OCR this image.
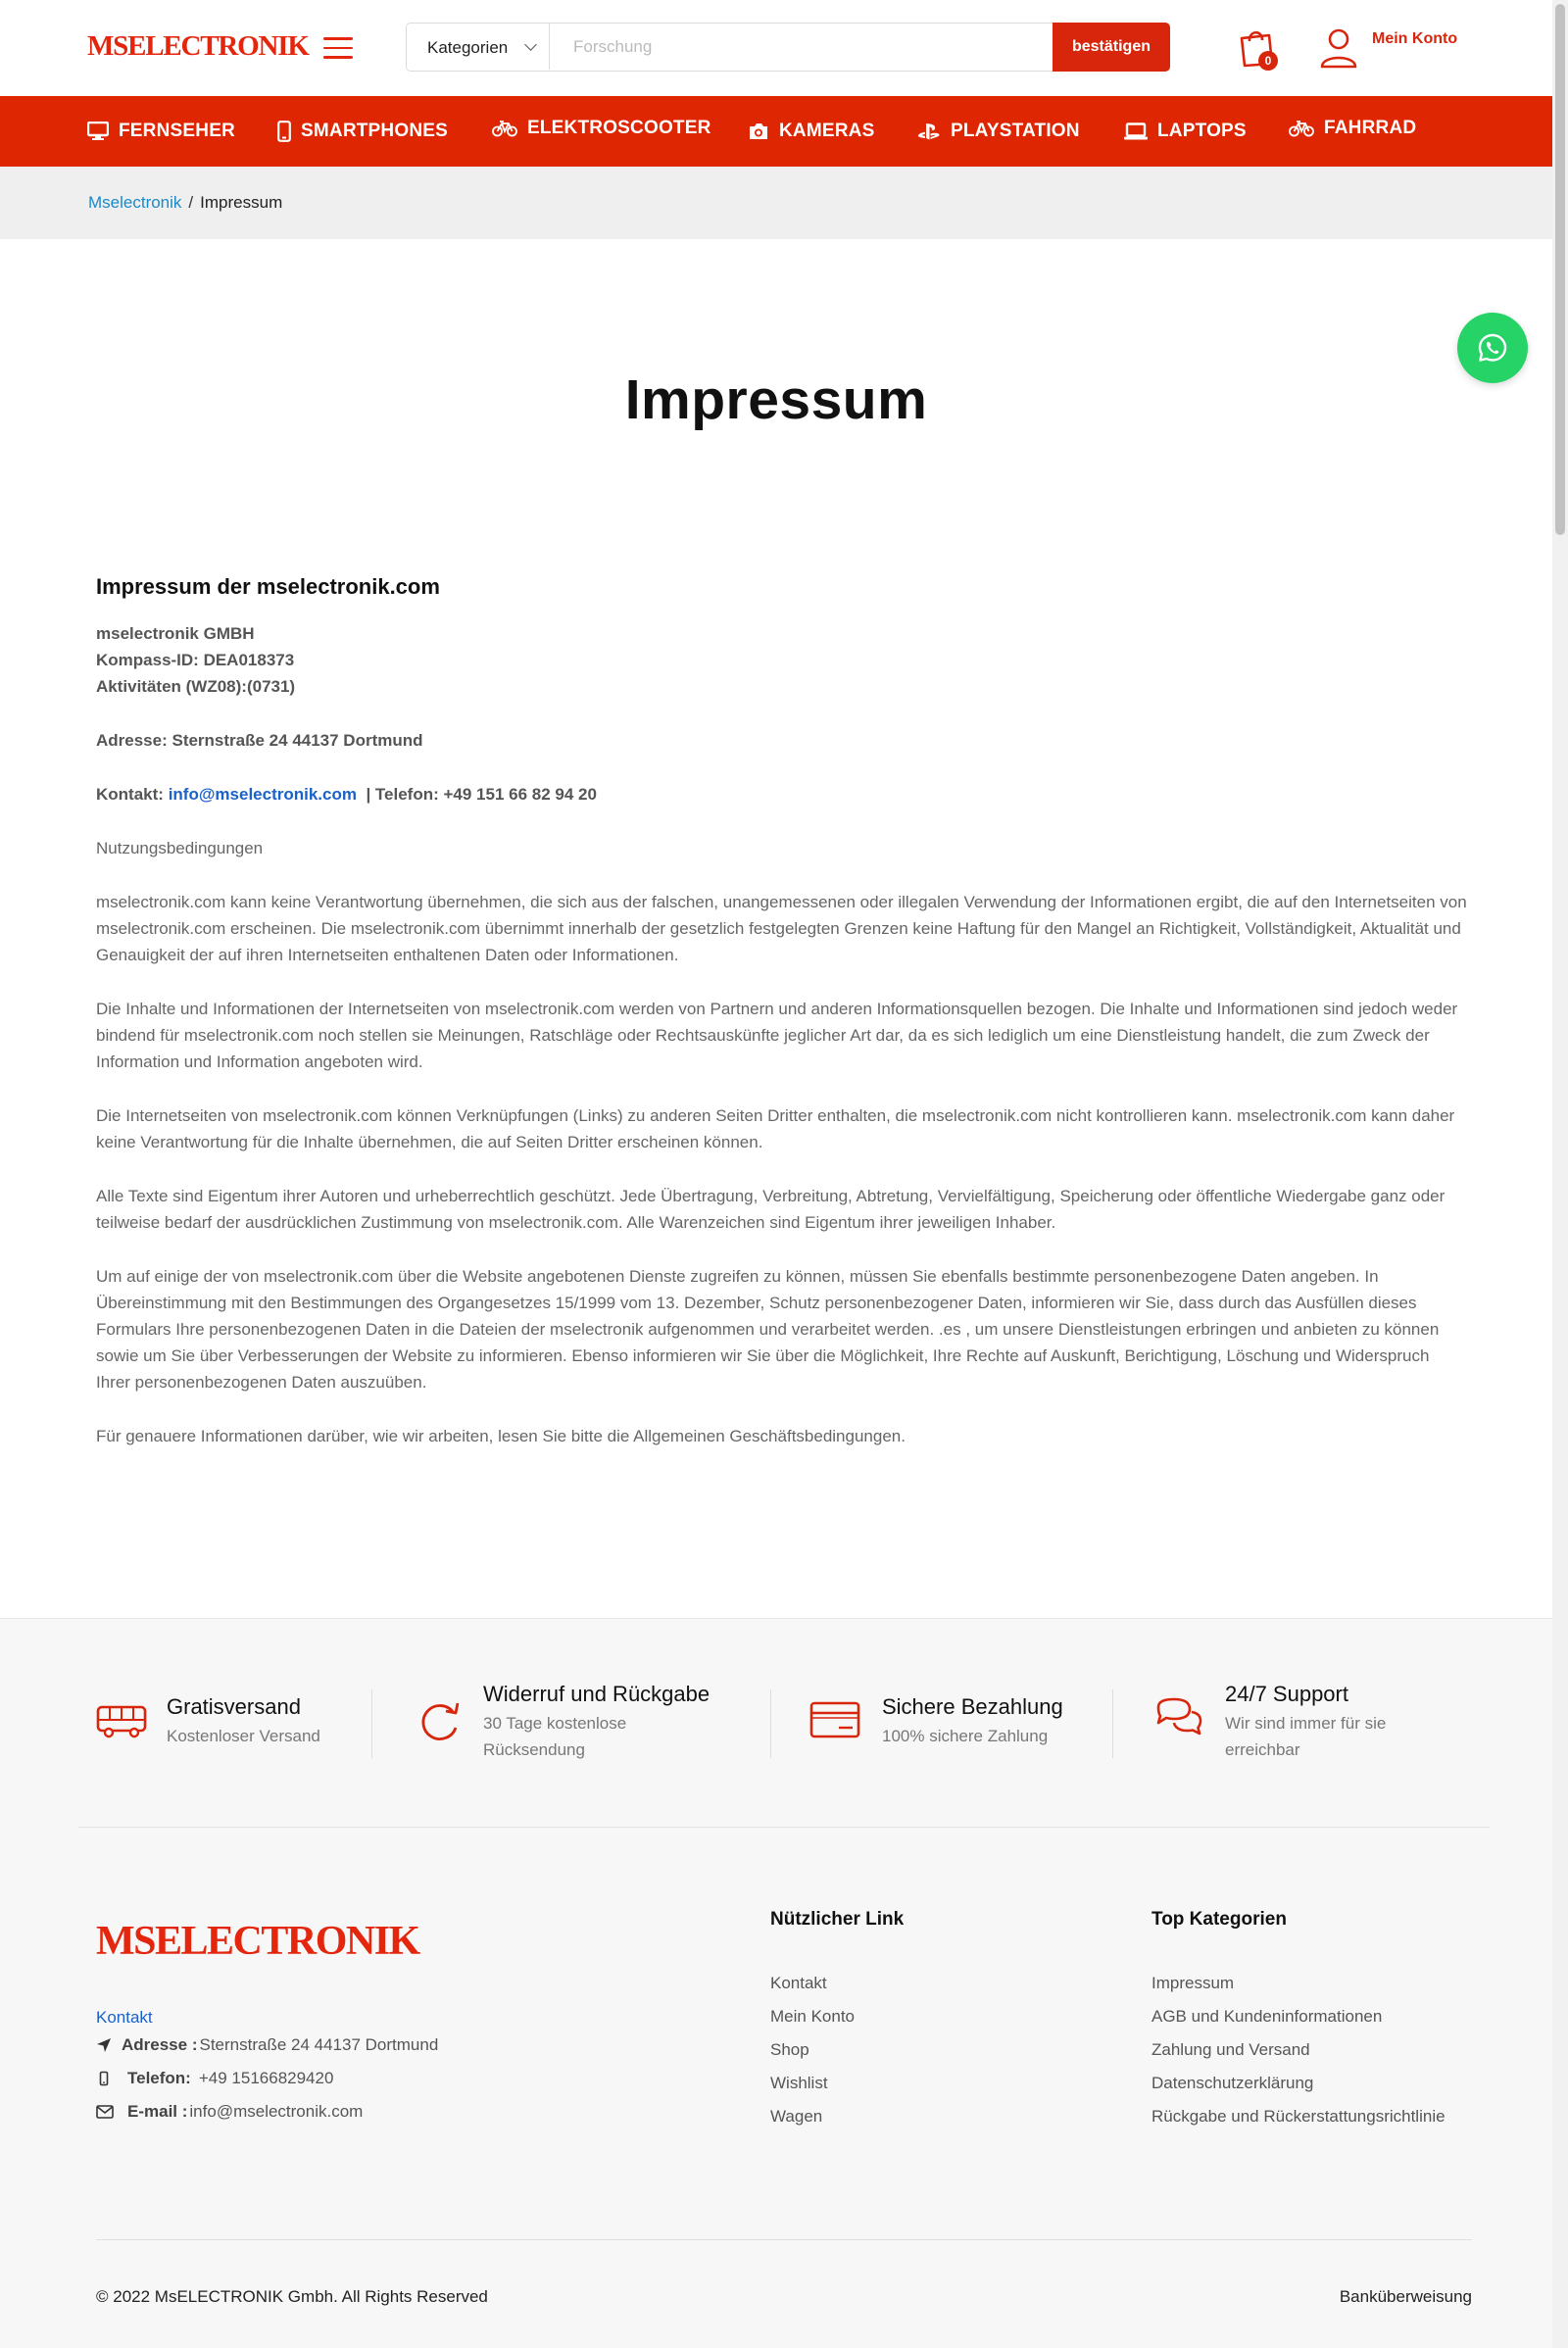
MSELECTRONIK	Kategorien
Forschung	bestätigen
0
Mein Konto
FERNSEHER	SMARTPHONES	ELEKTROSCOOTER	KAMERAS	PLAYSTATION	LAPTOPS	FAHRRAD
Mselectronik / Impressum
Impressum
Impressum der mselectronik.com
mselectronik GMBH
Kompass-ID: DEA018373
Aktivitäten (WZ08):(0731)
Adresse: Sternstraße 24 44137 Dortmund
Kontakt: info@mselectronik.com | Telefon: +49 151 66 82 94 20

Nutzungsbedingungen

mselectronik.com kann keine Verantwortung übernehmen, die sich aus der falschen, unangemessenen oder illegalen Verwendung der Informationen ergibt, die auf den Internetseiten von mselectronik.com erscheinen. Die mselectronik.com übernimmt innerhalb der gesetzlich festgelegten Grenzen keine Haftung für den Mangel an Richtigkeit, Vollständigkeit, Aktualität und Genauigkeit der auf ihren Internetseiten enthaltenen Daten oder Informationen.

Die Inhalte und Informationen der Internetseiten von mselectronik.com werden von Partnern und anderen Informationsquellen bezogen. Die Inhalte und Informationen sind jedoch weder bindend für mselectronik.com noch stellen sie Meinungen, Ratschläge oder Rechtsauskünfte jeglicher Art dar, da es sich lediglich um eine Dienstleistung handelt, die zum Zweck der Information und Information angeboten wird.

Die Internetseiten von mselectronik.com können Verknüpfungen (Links) zu anderen Seiten Dritter enthalten, die mselectronik.com nicht kontrollieren kann. mselectronik.com kann daher keine Verantwortung für die Inhalte übernehmen, die auf Seiten Dritter erscheinen können.

Alle Texte sind Eigentum ihrer Autoren und urheberrechtlich geschützt. Jede Übertragung, Verbreitung, Abtretung, Vervielfältigung, Speicherung oder öffentliche Wiedergabe ganz oder teilweise bedarf der ausdrücklichen Zustimmung von mselectronik.com. Alle Warenzeichen sind Eigentum ihrer jeweiligen Inhaber.

Um auf einige der von mselectronik.com über die Website angebotenen Dienste zugreifen zu können, müssen Sie ebenfalls bestimmte personenbezogene Daten angeben. In Übereinstimmung mit den Bestimmungen des Organgesetzes 15/1999 vom 13. Dezember, Schutz personenbezogener Daten, informieren wir Sie, dass durch das Ausfüllen dieses Formulars Ihre personenbezogenen Daten in die Dateien der mselectronik aufgenommen und verarbeitet werden. .es , um unsere Dienstleistungen erbringen und anbieten zu können sowie um Sie über Verbesserungen der Website zu informieren. Ebenso informieren wir Sie über die Möglichkeit, Ihre Rechte auf Auskunft, Berichtigung, Löschung und Widerspruch Ihrer personenbezogenen Daten auszuüben.

Für genauere Informationen darüber, wie wir arbeiten, lesen Sie bitte die Allgemeinen Geschäftsbedingungen.

Gratisversand
Kostenloser Versand
Widerruf und Rückgabe
30 Tage kostenlose Rücksendung
Sichere Bezahlung
100% sichere Zahlung
24/7 Support
Wir sind immer für sie erreichbar
MSELECTRONIK
Kontakt
Adresse : Sternstraße 24 44137 Dortmund
Telefon: +49 15166829420
E-mail : info@mselectronik.com
Nützlicher Link
Kontakt
Mein Konto
Shop
Wishlist
Wagen
Top Kategorien
Impressum
AGB und Kundeninformationen
Zahlung und Versand
Datenschutzerklärung
Rückgabe und Rückerstattungsrichtlinie
© 2022 MsELECTRONIK Gmbh. All Rights Reserved	Banküberweisung
